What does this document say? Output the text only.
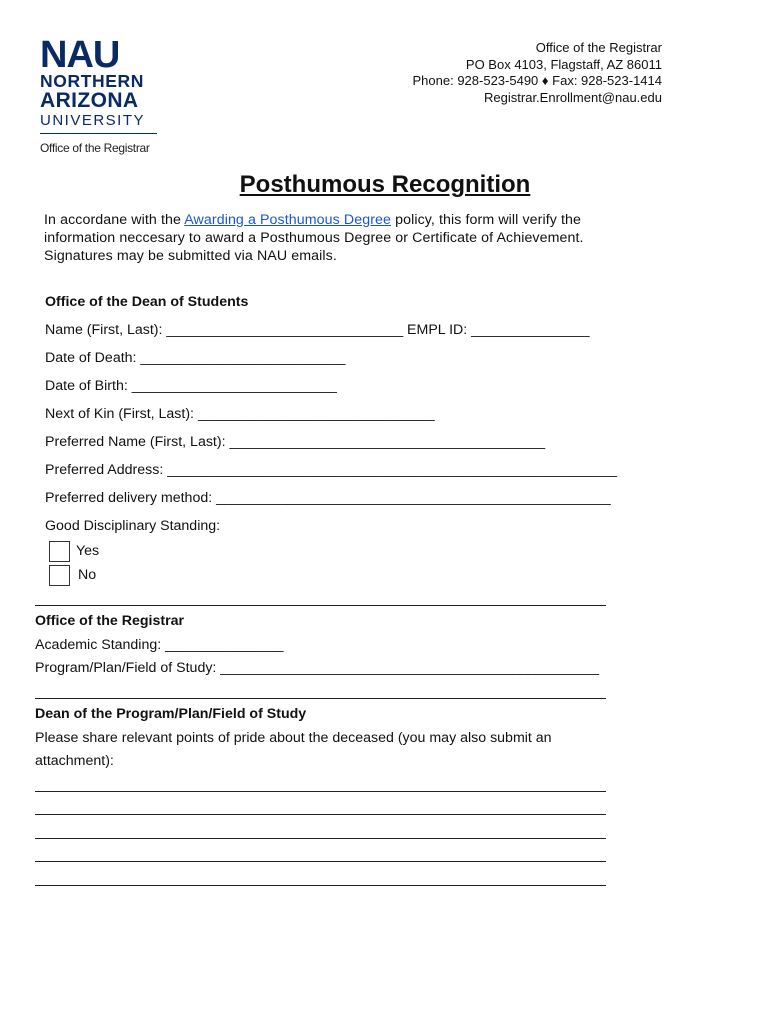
NAU
NORTHERN
ARIZONA
UNIVERSITY
Office of the Registrar
Office of the Registrar
PO Box 4103, Flagstaff, AZ 86011
Phone: 928-523-5490 ♦ Fax: 928-523-1414
Registrar.Enrollment@nau.edu
Posthumous Recognition
In accordane with the Awarding a Posthumous Degree policy, this form will verify the information neccesary to award a Posthumous Degree or Certificate of Achievement. Signatures may be submitted via NAU emails.
Office of the Dean of Students
Name (First, Last): ______________________________ EMPL ID: _______________
Date of Death: __________________________
Date of Birth: __________________________
Next of Kin (First, Last): ______________________________
Preferred Name (First, Last): ________________________________________
Preferred Address: _________________________________________________________
Preferred delivery method: __________________________________________________
Good Disciplinary Standing:
Yes
No
Office of the Registrar
Academic Standing: _______________
Program/Plan/Field of Study: ________________________________________________
Dean of the Program/Plan/Field of Study
Please share relevant points of pride about the deceased (you may also submit an
attachment):
